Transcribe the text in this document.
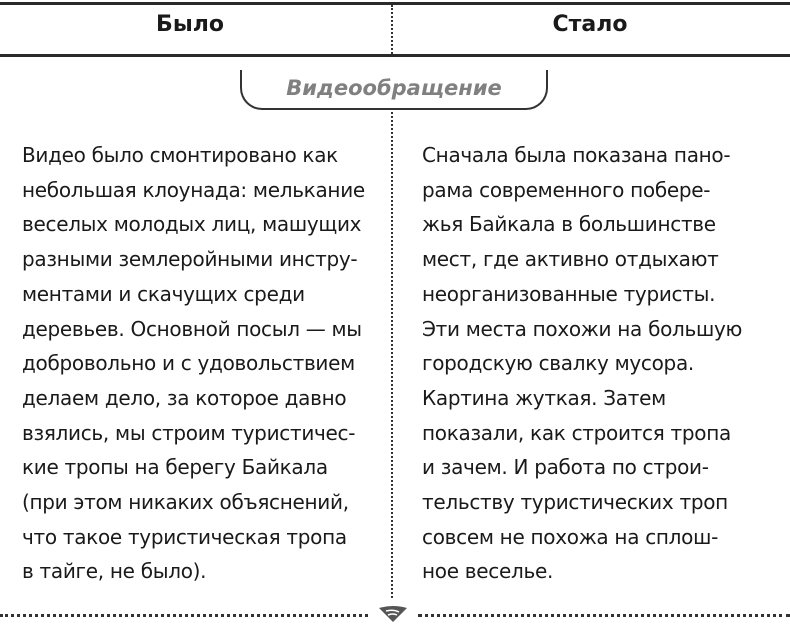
Было	Стало
Видеообращение
Видео было смонтировано как
небольшая клоунада: мелькание
веселых молодых лиц, машущих
разными землеройными инстру-
ментами и скачущих среди
деревьев. Основной посыл — мы
добровольно и с удовольствием
делаем дело, за которое давно
взялись, мы строим туристичес-
кие тропы на берегу Байкала
(при этом никаких объяснений,
что такое туристическая тропа
в тайге, не было).
Сначала была показана пано-
рама современного побере-
жья Байкала в большинстве
мест, где активно отдыхают
неорганизованные туристы.
Эти места похожи на большую
городскую свалку мусора.
Картина жуткая. Затем
показали, как строится тропа
и зачем. И работа по строи-
тельству туристических троп
совсем не похожа на сплош-
ное веселье.
